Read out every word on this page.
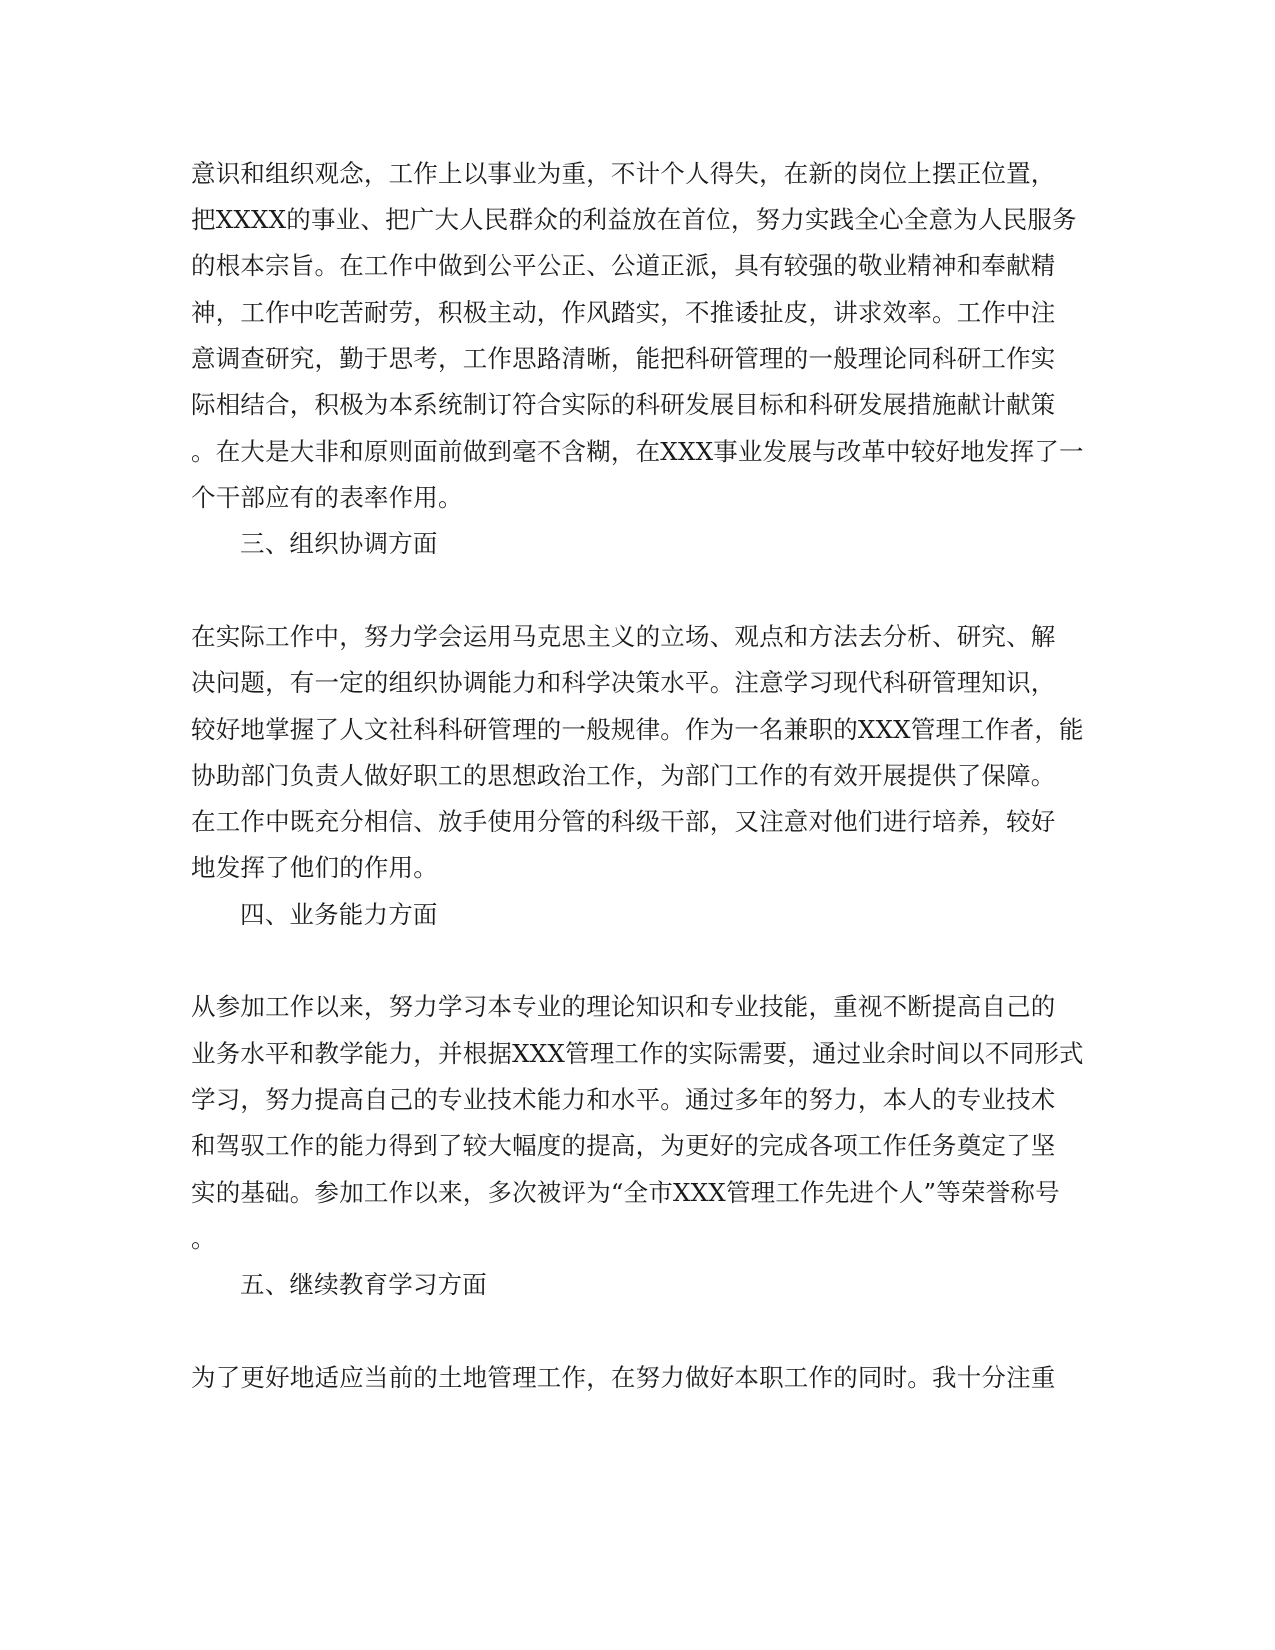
意识和组织观念，工作上以事业为重，不计个人得失，在新的岗位上摆正位置，
把XXXX的事业、把广大人民群众的利益放在首位，努力实践全心全意为人民服务
的根本宗旨。在工作中做到公平公正、公道正派，具有较强的敬业精神和奉献精
神，工作中吃苦耐劳，积极主动，作风踏实，不推诿扯皮，讲求效率。工作中注
意调查研究，勤于思考，工作思路清晰，能把科研管理的一般理论同科研工作实
际相结合，积极为本系统制订符合实际的科研发展目标和科研发展措施献计献策
。在大是大非和原则面前做到毫不含糊，在XXX事业发展与改革中较好地发挥了一
个干部应有的表率作用。
三、组织协调方面
在实际工作中，努力学会运用马克思主义的立场、观点和方法去分析、研究、解
决问题，有一定的组织协调能力和科学决策水平。注意学习现代科研管理知识，
较好地掌握了人文社科科研管理的一般规律。作为一名兼职的XXX管理工作者，能
协助部门负责人做好职工的思想政治工作，为部门工作的有效开展提供了保障。
在工作中既充分相信、放手使用分管的科级干部，又注意对他们进行培养，较好
地发挥了他们的作用。
四、业务能力方面
从参加工作以来，努力学习本专业的理论知识和专业技能，重视不断提高自己的
业务水平和教学能力，并根据XXX管理工作的实际需要，通过业余时间以不同形式
学习，努力提高自己的专业技术能力和水平。通过多年的努力，本人的专业技术
和驾驭工作的能力得到了较大幅度的提高，为更好的完成各项工作任务奠定了坚
实的基础。参加工作以来，多次被评为“全市XXX管理工作先进个人”等荣誉称号
。
五、继续教育学习方面
为了更好地适应当前的土地管理工作，在努力做好本职工作的同时。我十分注重
